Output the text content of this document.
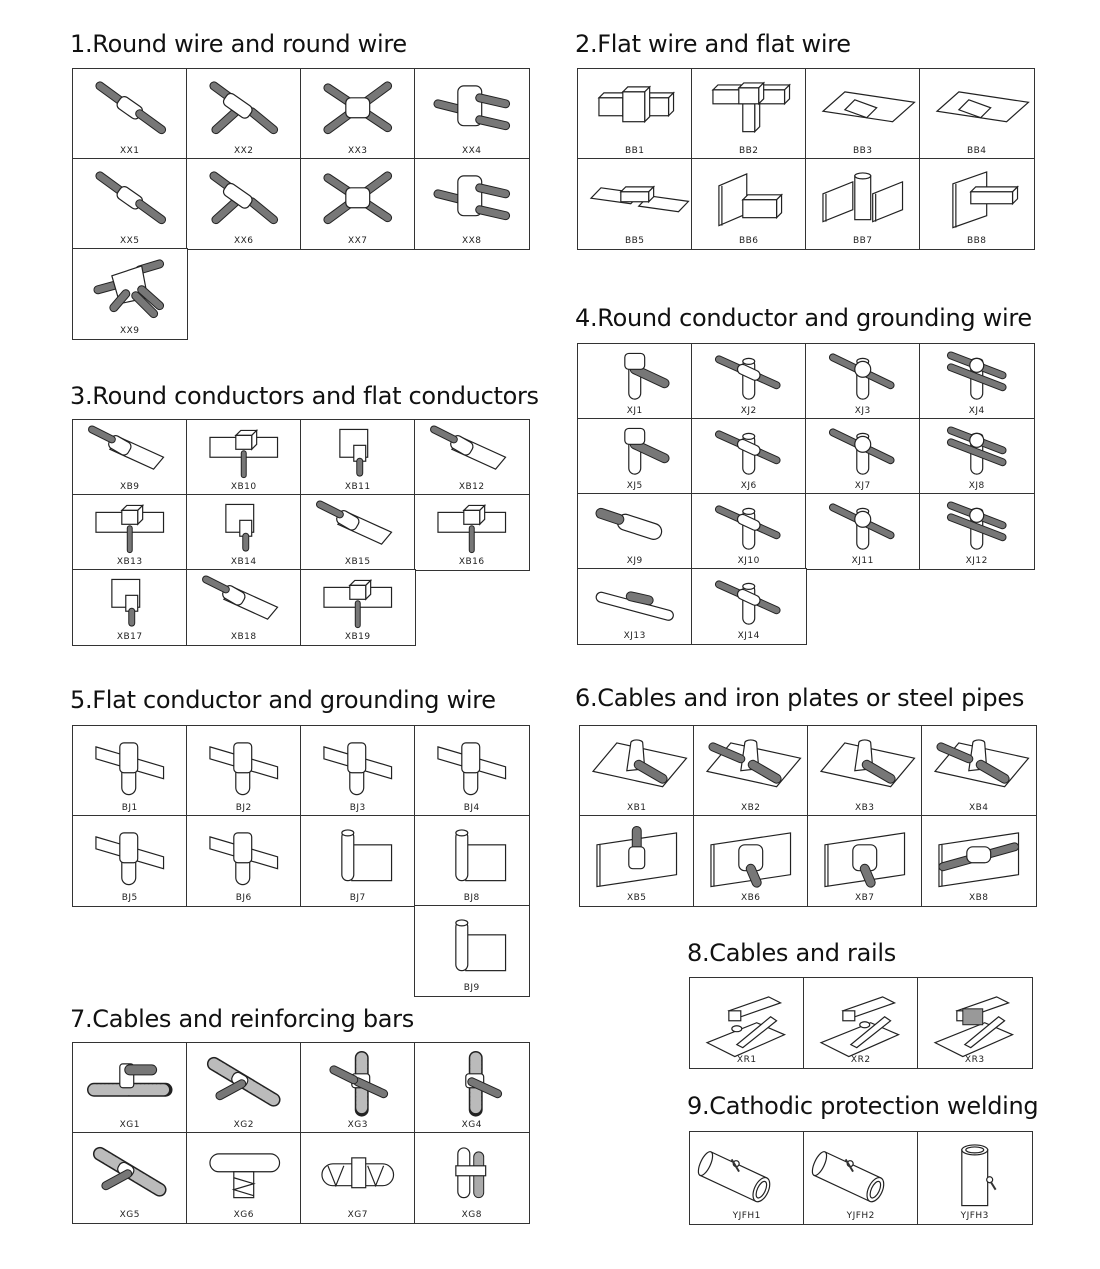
1.Round wire and round wire	2.Flat wire and flat wire
3.Round conductors and flat conductors
4.Round conductor and grounding wire
5.Flat conductor and grounding wire	6.Cables and iron plates or steel pipes
7.Cables and reinforcing bars
8.Cables and rails
9.Cathodic protection welding
XX1	XX2	XX3	XX4
XX5	XX6	XX7	XX8
XX9
BB1	BB2	BB3	BB4
BB5	BB6	BB7	BB8
XB9	XB10	XB11	XB12
XB13	XB14	XB15	XB16
XB17	XB18	XB19
XJ1	XJ2	XJ3	XJ4
XJ5	XJ6	XJ7	XJ8
XJ9	XJ10	XJ11	XJ12
XJ13	XJ14
BJ1	BJ2	BJ3	BJ4
BJ5	BJ6	BJ7	BJ8
BJ9
XB1	XB2	XB3	XB4
XB5	XB6	XB7	XB8
XG1	XG2	XG3	XG4
XG5	XG6	XG7	XG8
XR1	XR2	XR3
YJFH1	YJFH2	YJFH3
